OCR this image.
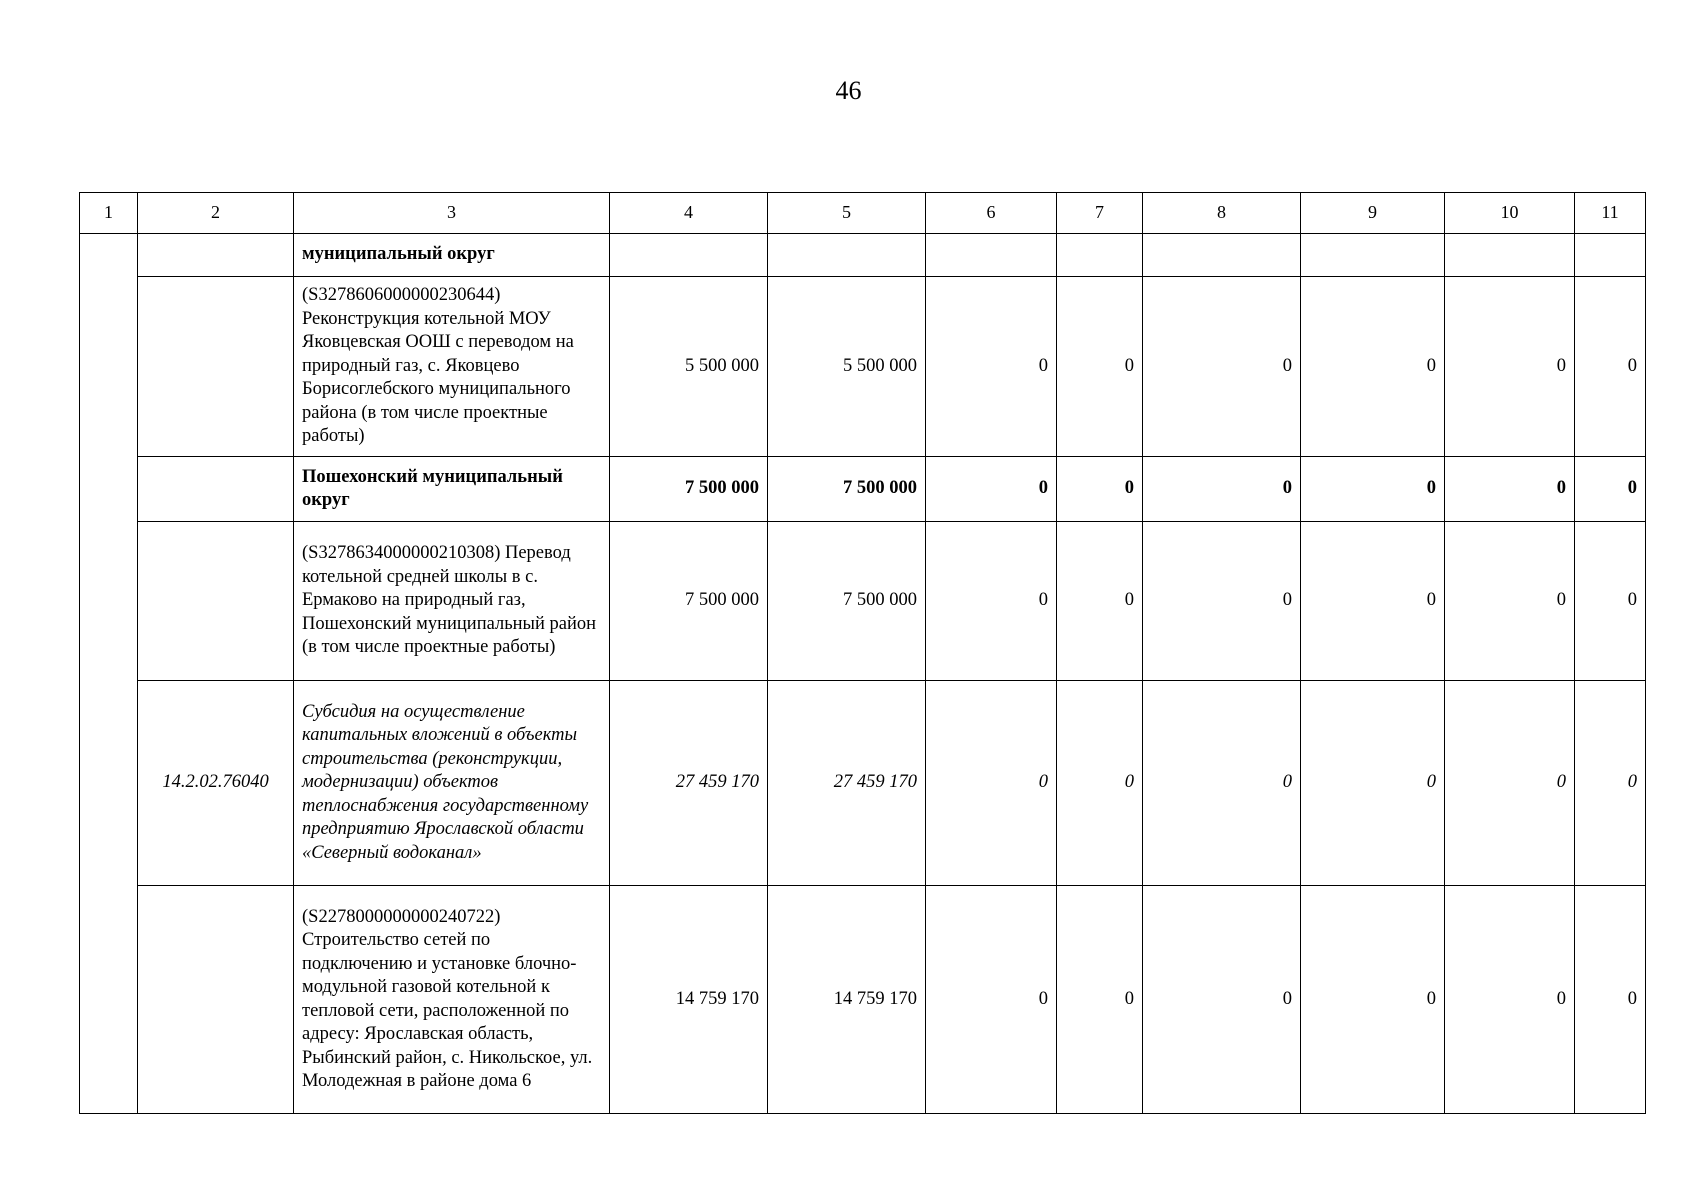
46
1	2	3	4	5	6	7	8	9	10	11
		муниципальный округ								
		(S3278606000000230644) Реконструкция котельной МОУ Яковцевская ООШ с переводом на природный газ, с. Яковцево Борисоглебского муниципального района (в том числе проектные работы)	5 500 000	5 500 000	0	0	0	0	0	0
		Пошехонский муниципальный округ	7 500 000	7 500 000	0	0	0	0	0	0
		(S3278634000000210308) Перевод котельной средней школы в с. Ермаково на природный газ, Пошехонский муниципальный район (в том числе проектные работы)	7 500 000	7 500 000	0	0	0	0	0	0
	14.2.02.76040	Субсидия на осуществление капитальных вложений в объекты строительства (реконструкции, модернизации) объектов теплоснабжения государственному предприятию Ярославской области «Северный водоканал»	27 459 170	27 459 170	0	0	0	0	0	0
		(S2278000000000240722) Строительство сетей по подключению и установке блочно-модульной газовой котельной к тепловой сети, расположенной по адресу: Ярославская область, Рыбинский район, с. Никольское, ул. Молодежная в районе дома 6	14 759 170	14 759 170	0	0	0	0	0	0
